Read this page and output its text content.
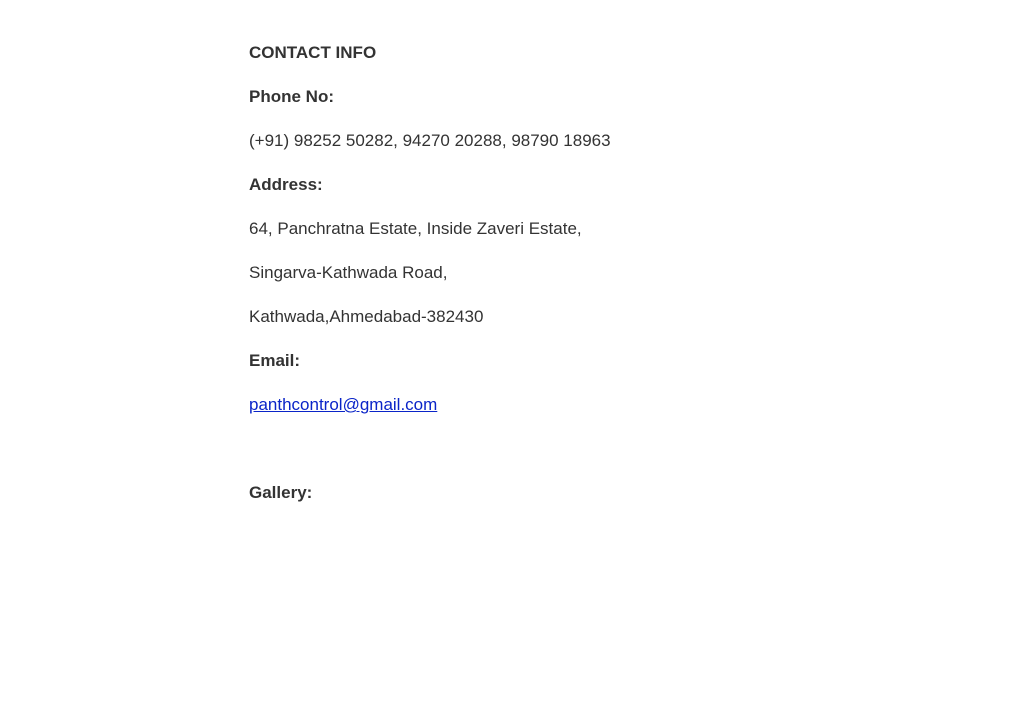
CONTACT INFO
Phone No:
(+91) 98252 50282, 94270 20288, 98790 18963
Address:
64, Panchratna Estate, Inside Zaveri Estate,
Singarva-Kathwada Road,
Kathwada,Ahmedabad-382430
Email:
panthcontrol@gmail.com
Gallery:
